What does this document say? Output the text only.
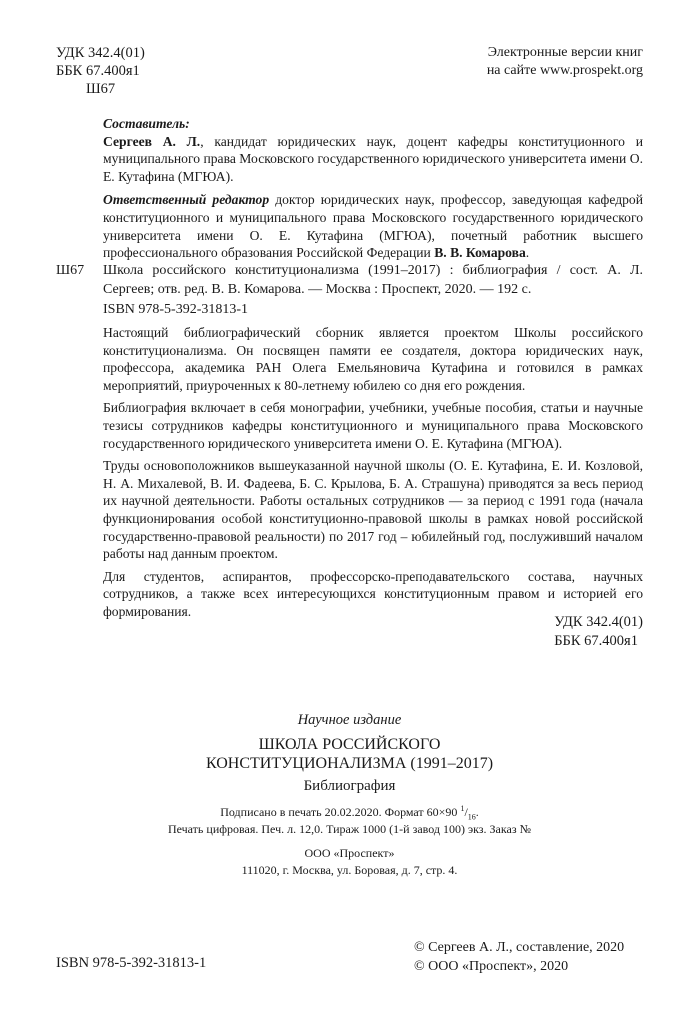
УДК 342.4(01)
ББК 67.400я1
Ш67
Электронные версии книг
на сайте www.prospekt.org
Составитель:

Сергеев А. Л., кандидат юридических наук, доцент кафедры конституционного и муниципального права Московского государственного юридического университета имени О. Е. Кутафина (МГЮА).

Ответственный редактор доктор юридических наук, профессор, заведующая кафедрой конституционного и муниципального права Московского государственного юридического университета имени О. Е. Кутафина (МГЮА), почетный работник высшего профессионального образования Российской Федерации В. В. Комарова.

Ш67 Школа российского конституционализма (1991–2017) : библиография / сост. А. Л. Сергеев; отв. ред. В. В. Комарова. — Москва : Проспект, 2020. — 192 с.
ISBN 978-5-392-31813-1

Настоящий библиографический сборник является проектом Школы российского конституционализма. Он посвящен памяти ее создателя, доктора юридических наук, профессора, академика РАН Олега Емельяновича Кутафина и готовился в рамках мероприятий, приуроченных к 80-летнему юбилею со дня его рождения.

Библиография включает в себя монографии, учебники, учебные пособия, статьи и научные тезисы сотрудников кафедры конституционного и муниципального права Московского государственного юридического университета имени О. Е. Кутафина (МГЮА).

Труды основоположников вышеуказанной научной школы (О. Е. Кутафина, Е. И. Козловой, Н. А. Михалевой, В. И. Фадеева, Б. С. Крылова, Б. А. Страшуна) приводятся за весь период их научной деятельности. Работы остальных сотрудников — за период с 1991 года (начала функционирования особой конституционно-правовой школы в рамках новой российской государственно-правовой реальности) по 2017 год – юбилейный год, послуживший началом работы над данным проектом.

Для студентов, аспирантов, профессорско-преподавательского состава, научных сотрудников, а также всех интересующихся конституционным правом и историей его формирования.

УДК 342.4(01)
ББК 67.400я1
Научное издание
ШКОЛА РОССИЙСКОГО
КОНСТИТУЦИОНАЛИЗМА (1991–2017)
Библиография
Подписано в печать 20.02.2020. Формат 60×90 $^1/_{16}$.
Печать цифровая. Печ. л. 12,0. Тираж 1000 (1-й завод 100) экз. Заказ №
ООО «Проспект»
111020, г. Москва, ул. Боровая, д. 7, стр. 4.
ISBN 978-5-392-31813-1
© Сергеев А. Л., составление, 2020
© ООО «Проспект», 2020
